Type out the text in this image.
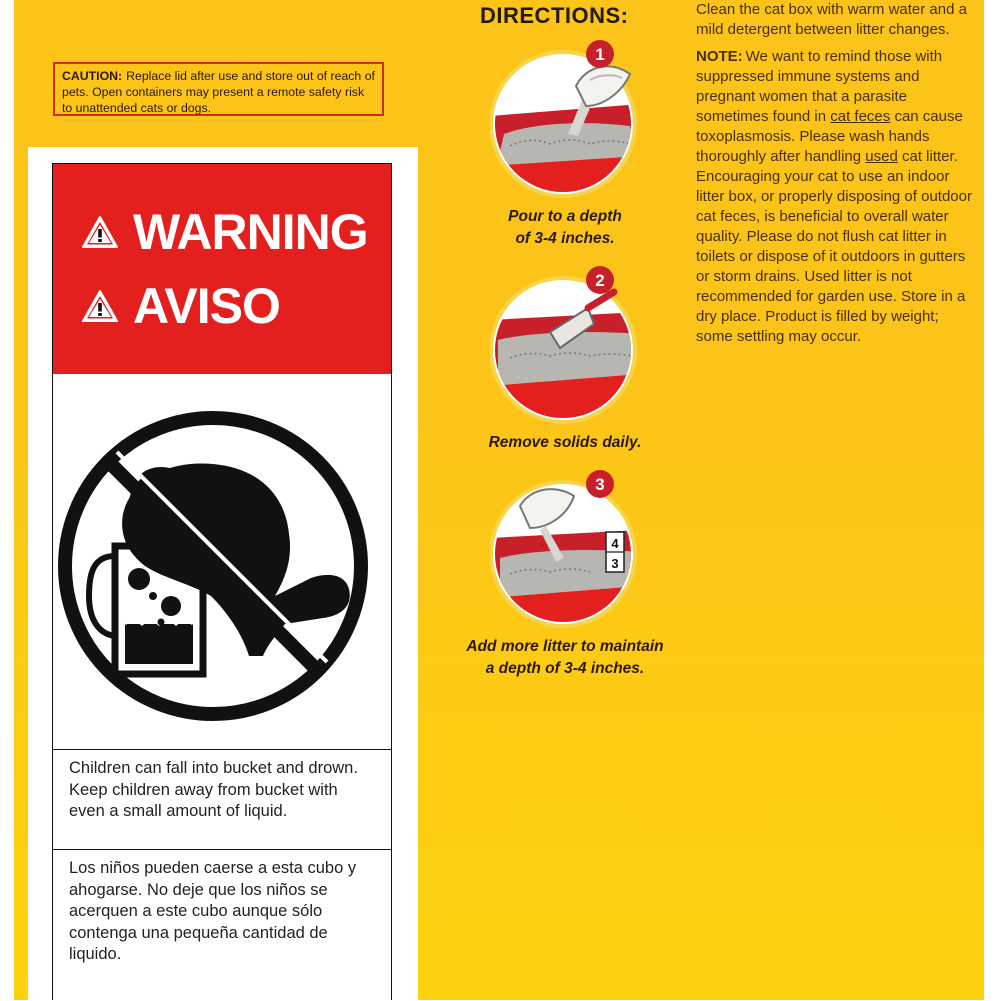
CAUTION: Replace lid after use and store out of reach of pets. Open containers may present a remote safety risk to unattended cats or dogs.
WARNING
AVISO
Children can fall into bucket and drown. Keep children away from bucket with even a small amount of liquid.
Los niños pueden caerse a esta cubo y ahogarse. No deje que los niños se acerquen a este cubo aunque sólo contenga una pequeña cantidad de liquido.
DIRECTIONS:
1
Pour to a depth
of 3-4 inches.
2
Remove solids daily.
4
3
3
Add more litter to maintain
a depth of 3-4 inches.

Clean the cat box with warm water and a mild detergent between litter changes.

NOTE: We want to remind those with suppressed immune systems and pregnant women that a parasite sometimes found in cat feces can cause toxoplasmosis. Please wash hands thoroughly after handling used cat litter. Encouraging your cat to use an indoor litter box, or properly disposing of outdoor cat feces, is beneficial to overall water quality. Please do not flush cat litter in toilets or dispose of it outdoors in gutters or storm drains. Used litter is not recommended for garden use. Store in a dry place. Product is filled by weight; some settling may occur.
